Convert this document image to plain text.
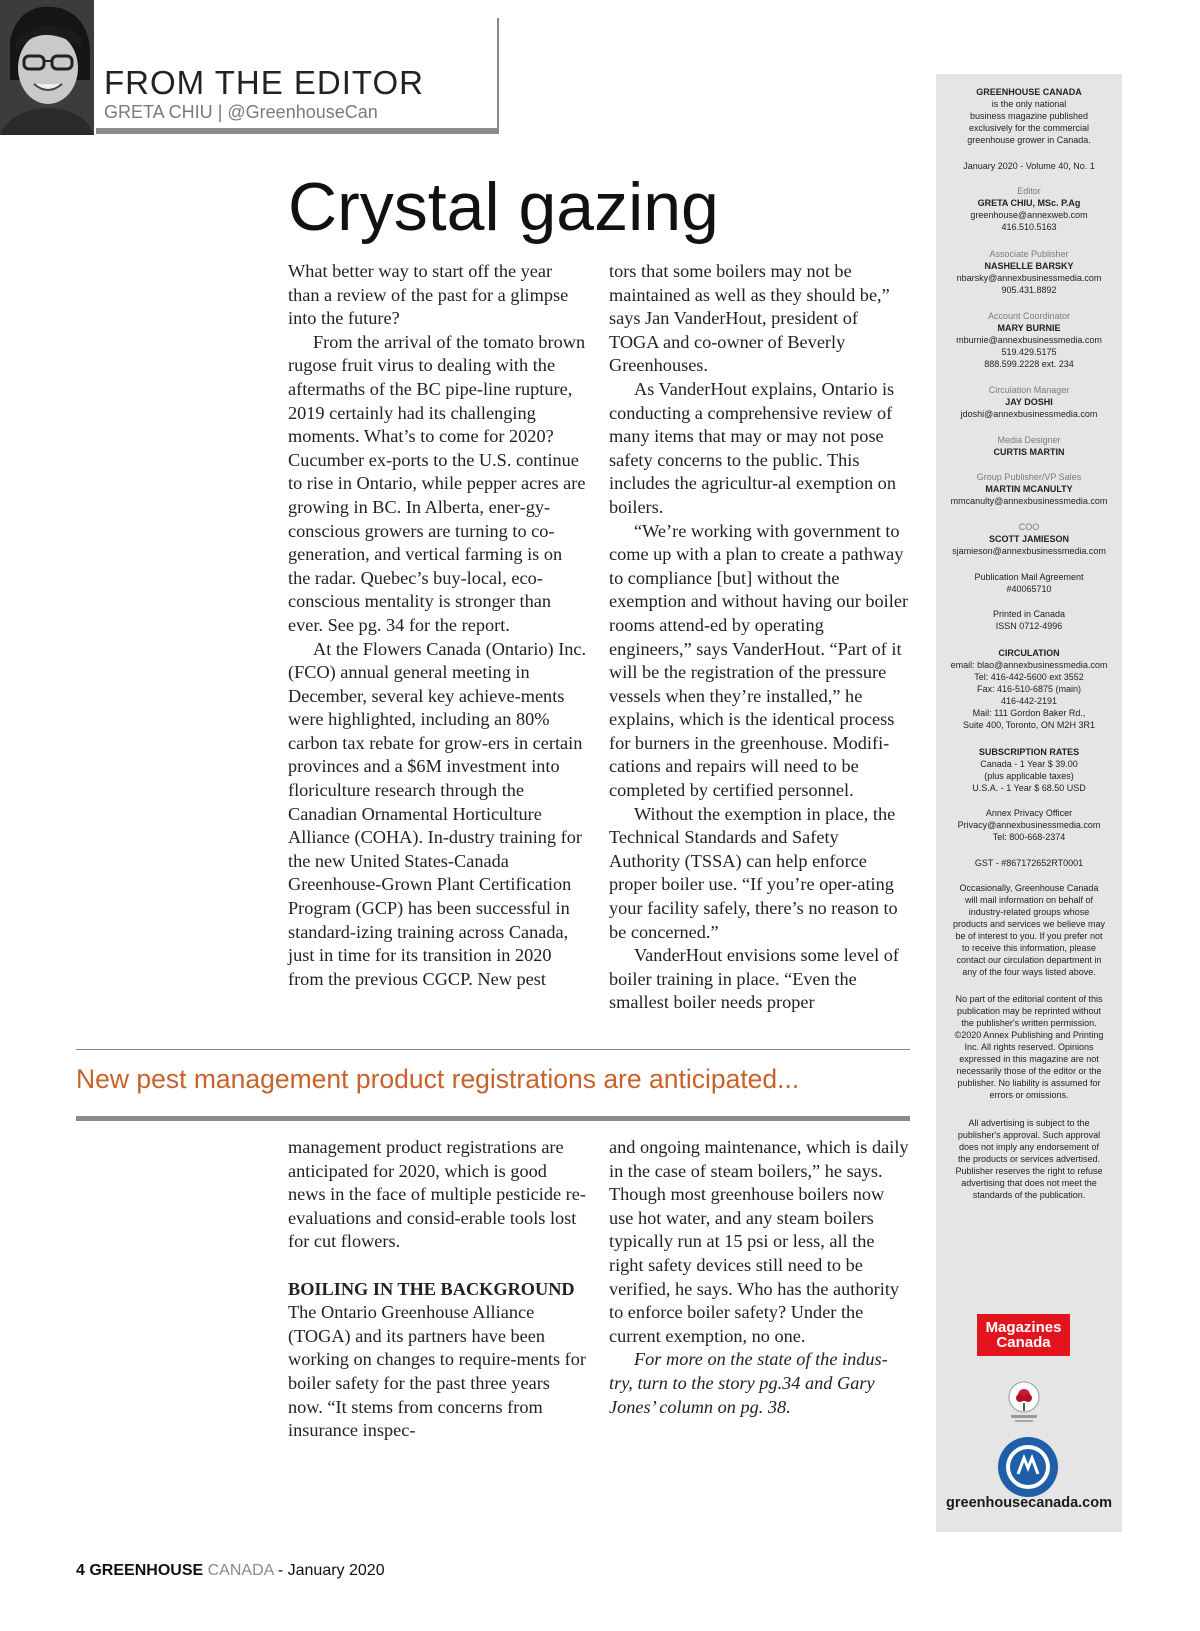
FROM THE EDITOR
GRETA CHIU | @GreenhouseCan
Crystal gazing

What better way to start off the year than a review of the past for a glimpse into the future?

From the arrival of the tomato brown rugose fruit virus to dealing with the aftermaths of the BC pipe-line rupture, 2019 certainly had its challenging moments. What’s to come for 2020? Cucumber ex-ports to the U.S. continue to rise in Ontario, while pepper acres are growing in BC. In Alberta, ener-gy-conscious growers are turning to co-generation, and vertical farming is on the radar. Quebec’s buy-local, eco-conscious mentality is stronger than ever. See pg. 34 for the report.

At the Flowers Canada (Ontario) Inc. (FCO) annual general meeting in December, several key achieve-ments were highlighted, including an 80% carbon tax rebate for grow-ers in certain provinces and a $6M investment into floriculture research through the Canadian Ornamental Horticulture Alliance (COHA). In-dustry training for the new United States-Canada Greenhouse-Grown Plant Certification Program (GCP) has been successful in standard-izing training across Canada, just in time for its transition in 2020 from the previous CGCP. New pest

tors that some boilers may not be maintained as well as they should be,” says Jan VanderHout, president of TOGA and co-owner of Beverly Greenhouses.

As VanderHout explains, Ontario is conducting a comprehensive review of many items that may or may not pose safety concerns to the public. This includes the agricultur-al exemption on boilers.

“We’re working with government to come up with a plan to create a pathway to compliance [but] without the exemption and without having our boiler rooms attend-ed by operating engineers,” says VanderHout. “Part of it will be the registration of the pressure vessels when they’re installed,” he explains, which is the identical process for burners in the greenhouse. Modifi-cations and repairs will need to be completed by certified personnel.

Without the exemption in place, the Technical Standards and Safety Authority (TSSA) can help enforce proper boiler use. “If you’re oper-ating your facility safely, there’s no reason to be concerned.”

VanderHout envisions some level of boiler training in place. “Even the smallest boiler needs proper

New pest management product registrations are anticipated...

management product registrations are anticipated for 2020, which is good news in the face of multiple pesticide re-evaluations and consid-erable tools lost for cut flowers.

BOILING IN THE BACKGROUND

The Ontario Greenhouse Alliance (TOGA) and its partners have been working on changes to require-ments for boiler safety for the past three years now. “It stems from concerns from insurance inspec-

and ongoing maintenance, which is daily in the case of steam boilers,” he says. Though most greenhouse boilers now use hot water, and any steam boilers typically run at 15 psi or less, all the right safety devices still need to be verified, he says. Who has the authority to enforce boiler safety? Under the current exemption, no one.

For more on the state of the indus-try, turn to the story pg.34 and Gary Jones’ column on pg. 38.

GREENHOUSE CANADA
is the only national
business magazine published
exclusively for the commercial
greenhouse grower in Canada.
January 2020 - Volume 40, No. 1
Editor
GRETA CHIU, MSc. P.Ag
greenhouse@annexweb.com
416.510.5163
Associate Publisher
NASHELLE BARSKY
nbarsky@annexbusinessmedia.com
905.431.8892
Account Coordinator
MARY BURNIE
mburnie@annexbusinessmedia.com
519.429.5175
888.599.2228 ext. 234
Circulation Manager
JAY DOSHI
jdoshi@annexbusinessmedia.com
Media Designer
CURTIS MARTIN
Group Publisher/VP Sales
MARTIN MCANULTY
mmcanulty@annexbusinessmedia.com
COO
SCOTT JAMIESON
sjamieson@annexbusinessmedia.com
Publication Mail Agreement
#40065710
Printed in Canada
ISSN 0712-4996
CIRCULATION
email: blao@annexbusinessmedia.com
Tel: 416-442-5600 ext 3552
Fax: 416-510-6875 (main)
416-442-2191
Mail: 111 Gordon Baker Rd.,
Suite 400, Toronto, ON M2H 3R1
SUBSCRIPTION RATES
Canada - 1 Year $ 39.00
(plus applicable taxes)
U.S.A. - 1 Year $ 68.50 USD
Annex Privacy Officer
Privacy@annexbusinessmedia.com
Tel: 800-668-2374
GST - #867172652RT0001
Occasionally, Greenhouse Canada
will mail information on behalf of
industry-related groups whose
products and services we believe may
be of interest to you. If you prefer not
to receive this information, please
contact our circulation department in
any of the four ways listed above.
No part of the editorial content of this
publication may be reprinted without
the publisher's written permission.
©2020 Annex Publishing and Printing
Inc. All rights reserved. Opinions
expressed in this magazine are not
necessarily those of the editor or the
publisher. No liability is assumed for
errors or omissions.
All advertising is subject to the
publisher's approval. Such approval
does not imply any endorsement of
the products or services advertised.
Publisher reserves the right to refuse
advertising that does not meet the
standards of the publication.
Magazines
Canada
greenhousecanada.com
4 GREENHOUSE CANADA - January 2020
